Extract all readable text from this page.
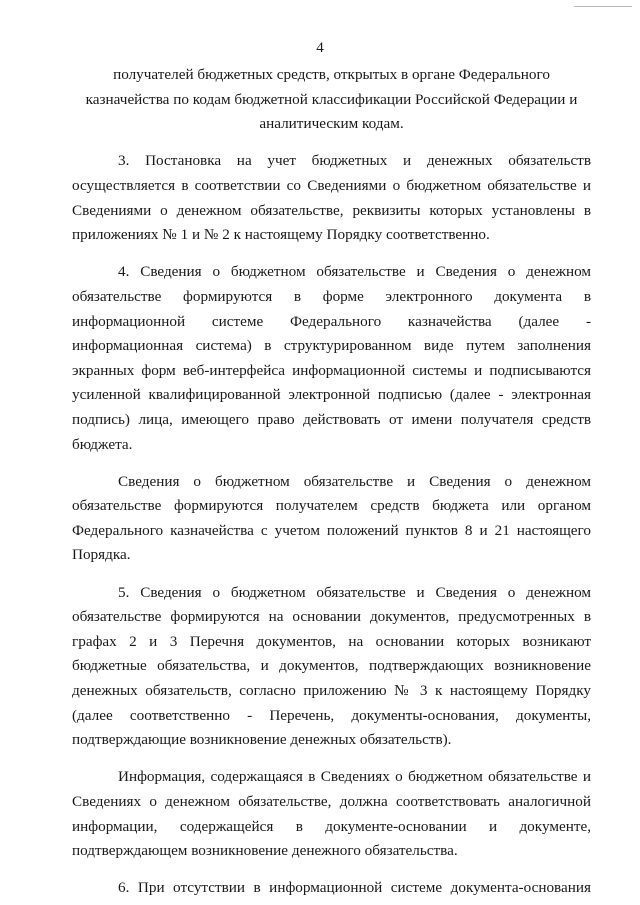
4

получателей бюджетных средств, открытых в органе Федерального казначейства по кодам бюджетной классификации Российской Федерации и аналитическим кодам.

3. Постановка на учет бюджетных и денежных обязательств осуществляется в соответствии со Сведениями о бюджетном обязательстве и Сведениями о денежном обязательстве, реквизиты которых установлены в приложениях № 1 и № 2 к настоящему Порядку соответственно.

4. Сведения о бюджетном обязательстве и Сведения о денежном обязательстве формируются в форме электронного документа в информационной системе Федерального казначейства (далее - информационная система) в структурированном виде путем заполнения экранных форм веб-интерфейса информационной системы и подписываются усиленной квалифицированной электронной подписью (далее - электронная подпись) лица, имеющего право действовать от имени получателя средств бюджета.

Сведения о бюджетном обязательстве и Сведения о денежном обязательстве формируются получателем средств бюджета или органом Федерального казначейства с учетом положений пунктов 8 и 21 настоящего Порядка.

5. Сведения о бюджетном обязательстве и Сведения о денежном обязательстве формируются на основании документов, предусмотренных в графах 2 и 3 Перечня документов, на основании которых возникают бюджетные обязательства, и документов, подтверждающих возникновение денежных обязательств, согласно приложению № 3 к настоящему Порядку (далее соответственно - Перечень, документы-основания, документы, подтверждающие возникновение денежных обязательств).

Информация, содержащаяся в Сведениях о бюджетном обязательстве и Сведениях о денежном обязательстве, должна соответствовать аналогичной информации, содержащейся в документе-основании и документе, подтверждающем возникновение денежного обязательства.

6. При отсутствии в информационной системе документа-основания
